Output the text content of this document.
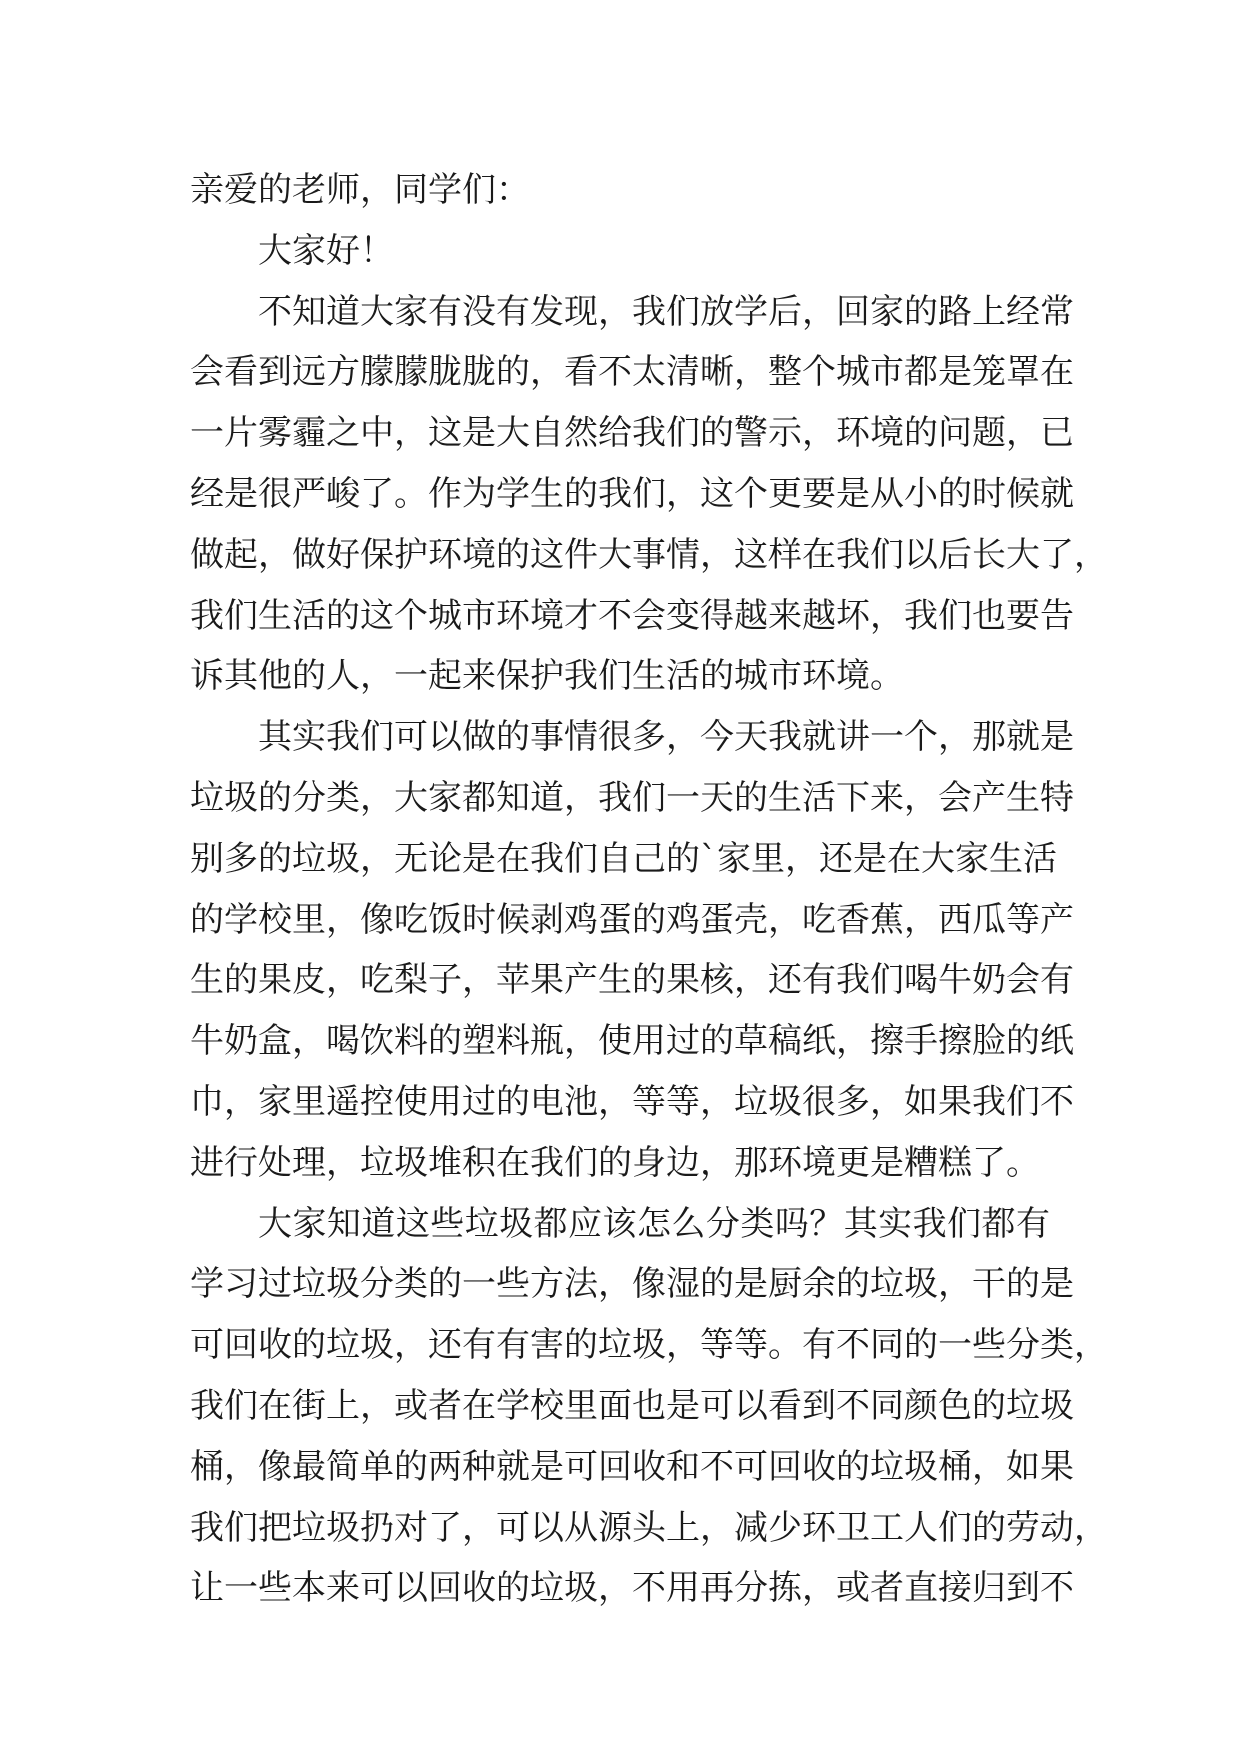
亲爱的老师，同学们：
大家好！
不知道大家有没有发现，我们放学后，回家的路上经常
会看到远方朦朦胧胧的，看不太清晰，整个城市都是笼罩在
一片雾霾之中，这是大自然给我们的警示，环境的问题，已
经是很严峻了。作为学生的我们，这个更要是从小的时候就
做起，做好保护环境的这件大事情，这样在我们以后长大了，
我们生活的这个城市环境才不会变得越来越坏，我们也要告
诉其他的人，一起来保护我们生活的城市环境。
其实我们可以做的事情很多，今天我就讲一个，那就是
垃圾的分类，大家都知道，我们一天的生活下来，会产生特
别多的垃圾，无论是在我们自己的`家里，还是在大家生活
的学校里，像吃饭时候剥鸡蛋的鸡蛋壳，吃香蕉，西瓜等产
生的果皮，吃梨子，苹果产生的果核，还有我们喝牛奶会有
牛奶盒，喝饮料的塑料瓶，使用过的草稿纸，擦手擦脸的纸
巾，家里遥控使用过的电池，等等，垃圾很多，如果我们不
进行处理，垃圾堆积在我们的身边，那环境更是糟糕了。
大家知道这些垃圾都应该怎么分类吗？其实我们都有
学习过垃圾分类的一些方法，像湿的是厨余的垃圾，干的是
可回收的垃圾，还有有害的垃圾，等等。有不同的一些分类，
我们在街上，或者在学校里面也是可以看到不同颜色的垃圾
桶，像最简单的两种就是可回收和不可回收的垃圾桶，如果
我们把垃圾扔对了，可以从源头上，减少环卫工人们的劳动，
让一些本来可以回收的垃圾，不用再分拣，或者直接归到不
